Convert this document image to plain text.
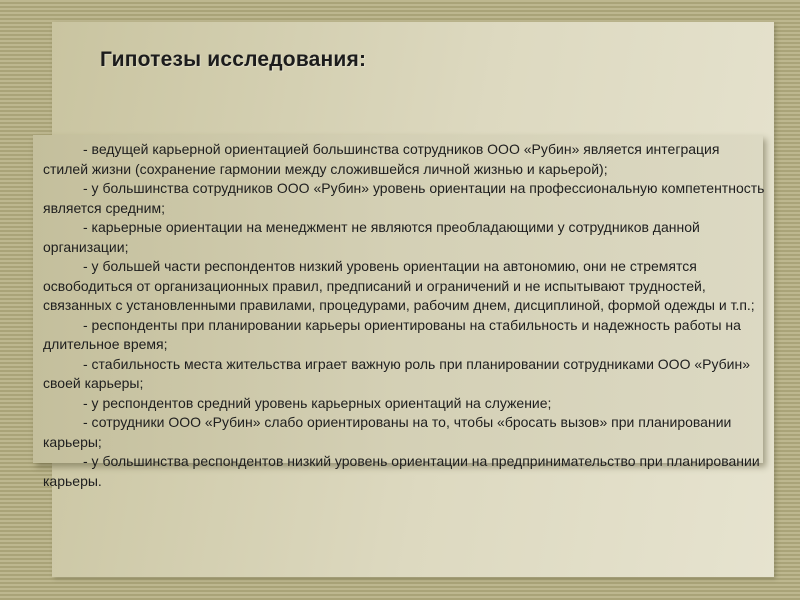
Гипотезы исследования:
- ведущей карьерной ориентацией большинства сотрудников ООО «Рубин» является интеграция стилей жизни (сохранение гармонии между сложившейся личной жизнью и карьерой);
- у большинства сотрудников ООО «Рубин» уровень ориентации на профессиональную компетентность является средним;
- карьерные ориентации на менеджмент не являются преобладающими у сотрудников данной организации;
- у большей части респондентов низкий уровень ориентации на автономию, они не стремятся освободиться от организационных правил, предписаний и ограничений и не испытывают трудностей, связанных с установленными правилами, процедурами, рабочим днем, дисциплиной, формой одежды и т.п.;
- респонденты при планировании карьеры ориентированы на стабильность и надежность работы на длительное время;
- стабильность места жительства играет важную роль при планировании сотрудниками ООО «Рубин» своей карьеры;
- у респондентов средний уровень карьерных ориентаций на служение;
- сотрудники ООО «Рубин» слабо ориентированы на то, чтобы «бросать вызов» при планировании карьеры;
- у большинства респондентов низкий уровень ориентации на предпринимательство при планировании карьеры.
